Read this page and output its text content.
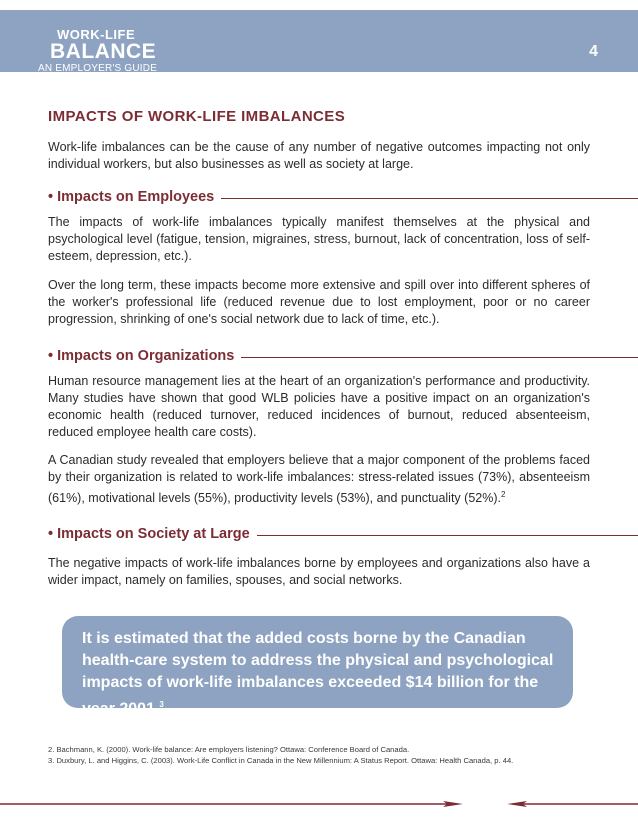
WORK-LIFE
BALANCE
AN EMPLOYER'S GUIDE
4
IMPACTS OF WORK-LIFE IMBALANCES

Work-life imbalances can be the cause of any number of negative outcomes impacting not only individual workers, but also businesses as well as society at large.

• Impacts on Employees

The impacts of work-life imbalances typically manifest themselves at the physical and psychological level (fatigue, tension, migraines, stress, burnout, lack of concentration, loss of self-esteem, depression, etc.).

Over the long term, these impacts become more extensive and spill over into different spheres of the worker's professional life (reduced revenue due to lost employment, poor or no career progression, shrinking of one's social network due to lack of time, etc.).

• Impacts on Organizations

Human resource management lies at the heart of an organization's performance and productivity. Many studies have shown that good WLB policies have a positive impact on an organization's economic health (reduced turnover, reduced incidences of burnout, reduced absenteeism, reduced employee health care costs).

A Canadian study revealed that employers believe that a major component of the problems faced by their organization is related to work-life imbalances: stress-related issues (73%), absenteeism (61%), motivational levels (55%), productivity levels (53%), and punctuality (52%).$^2$

• Impacts on Society at Large

The negative impacts of work-life imbalances borne by employees and organizations also have a wider impact, namely on families, spouses, and social networks.

It is estimated that the added costs borne by the Canadian health-care system to address the physical and psychological impacts of work-life imbalances exceeded $14 billion for the year 2001.$^3$
2. Bachmann, K. (2000). Work-life balance: Are employers listening? Ottawa: Conference Board of Canada.
3. Duxbury, L. and Higgins, C. (2003). Work-Life Conflict in Canada in the New Millennium: A Status Report. Ottawa: Health Canada, p. 44.
